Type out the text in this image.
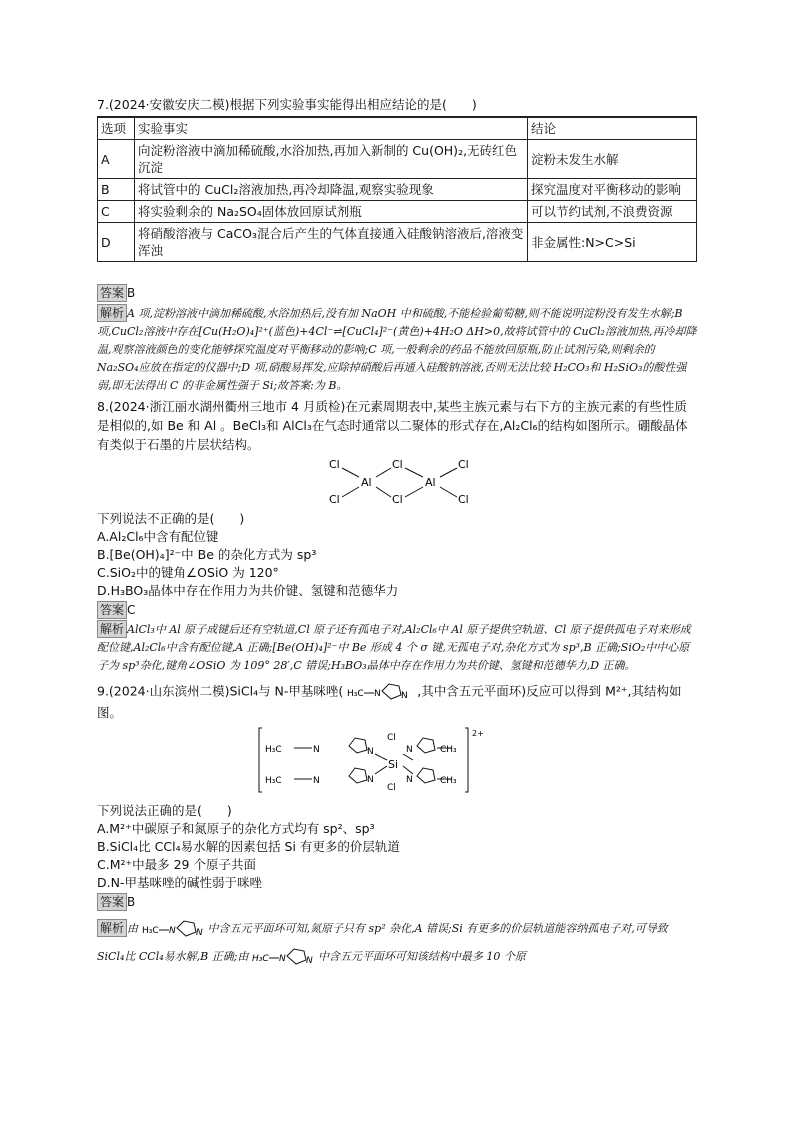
7.(2024·安徽安庆二模)根据下列实验事实能得出相应结论的是(　　)

选项	实验事实	结论
A	向淀粉溶液中滴加稀硫酸,水浴加热,再加入新制的 Cu(OH)₂,无砖红色沉淀	淀粉未发生水解
B	将试管中的 CuCl₂溶液加热,再冷却降温,观察实验现象	探究温度对平衡移动的影响
C	将实验剩余的 Na₂SO₄固体放回原试剂瓶	可以节约试剂,不浪费资源
D	将硝酸溶液与 CaCO₃混合后产生的气体直接通入硅酸钠溶液后,溶液变浑浊	非金属性:N>C>Si
答案 B

解析 A 项,淀粉溶液中滴加稀硫酸,水浴加热后,没有加 NaOH 中和硫酸,不能检验葡萄糖,则不能说明淀粉没有发生水解;B 项,CuCl₂溶液中存在[Cu(H₂O)₄]²⁺(蓝色)+4Cl⁻⇌[CuCl₄]²⁻(黄色)+4H₂O ΔH>0,故将试管中的 CuCl₂溶液加热,再冷却降温,观察溶液颜色的变化能够探究温度对平衡移动的影响;C 项,一般剩余的药品不能放回原瓶,防止试剂污染,则剩余的 Na₂SO₄应放在指定的仪器中;D 项,硝酸易挥发,应除掉硝酸后再通入硅酸钠溶液,否则无法比较 H₂CO₃和 H₂SiO₃的酸性强弱,即无法得出 C 的非金属性强于 Si;故答案:为 B。

8.(2024·浙江丽水湖州衢州三地市 4 月质检)在元素周期表中,某些主族元素与右下方的主族元素的有些性质是相似的,如 Be 和 Al 。BeCl₃和 AlCl₃在气态时通常以二聚体的形式存在,Al₂Cl₆的结构如图所示。硼酸晶体有类似于石墨的片层状结构。

Cl
Cl
Al
Cl
Cl
Al
Cl
Cl

下列说法不正确的是(　　)

A.Al₂Cl₆中含有配位键

B.[Be(OH)₄]²⁻中 Be 的杂化方式为 sp³

C.SiO₂中的键角∠OSiO 为 120°

D.H₃BO₃晶体中存在作用力为共价键、氢键和范德华力

答案 C

解析 AlCl₃中 Al 原子成键后还有空轨道,Cl 原子还有孤电子对,Al₂Cl₆中 Al 原子提供空轨道、Cl 原子提供孤电子对来形成配位键,Al₂Cl₆中含有配位键,A 正确;[Be(OH)₄]²⁻中 Be 形成 4 个 σ 键,无孤电子对,杂化方式为 sp³,B 正确;SiO₂中中心原子为 sp³杂化,键角∠OSiO 为 109° 28′,C 错误;H₃BO₃晶体中存在作用力为共价键、氢键和范德华力,D 正确。

9.(2024·山东滨州二模)SiCl₄与 N-甲基咪唑( H₃C N N ,其中含五元平面环)反应可以得到 M²⁺,其结构如图。

2+
H₃C	N
H₃C	N
N
N
N
N
Cl
Si
Cl
CH₃
CH₃

下列说法正确的是(　　)

A.M²⁺中碳原子和氮原子的杂化方式均有 sp²、sp³

B.SiCl₄比 CCl₄易水解的因素包括 Si 有更多的价层轨道

C.M²⁺中最多 29 个原子共面

D.N-甲基咪唑的碱性弱于咪唑

答案 B

解析 由 H₃C N N 中含五元平面环可知,氮原子只有 sp² 杂化,A 错误;Si 有更多的价层轨道能容纳孤电子对,可导致 SiCl₄比 CCl₄易水解,B 正确;由 H₃C N N 中含五元平面环可知该结构中最多 10 个原
